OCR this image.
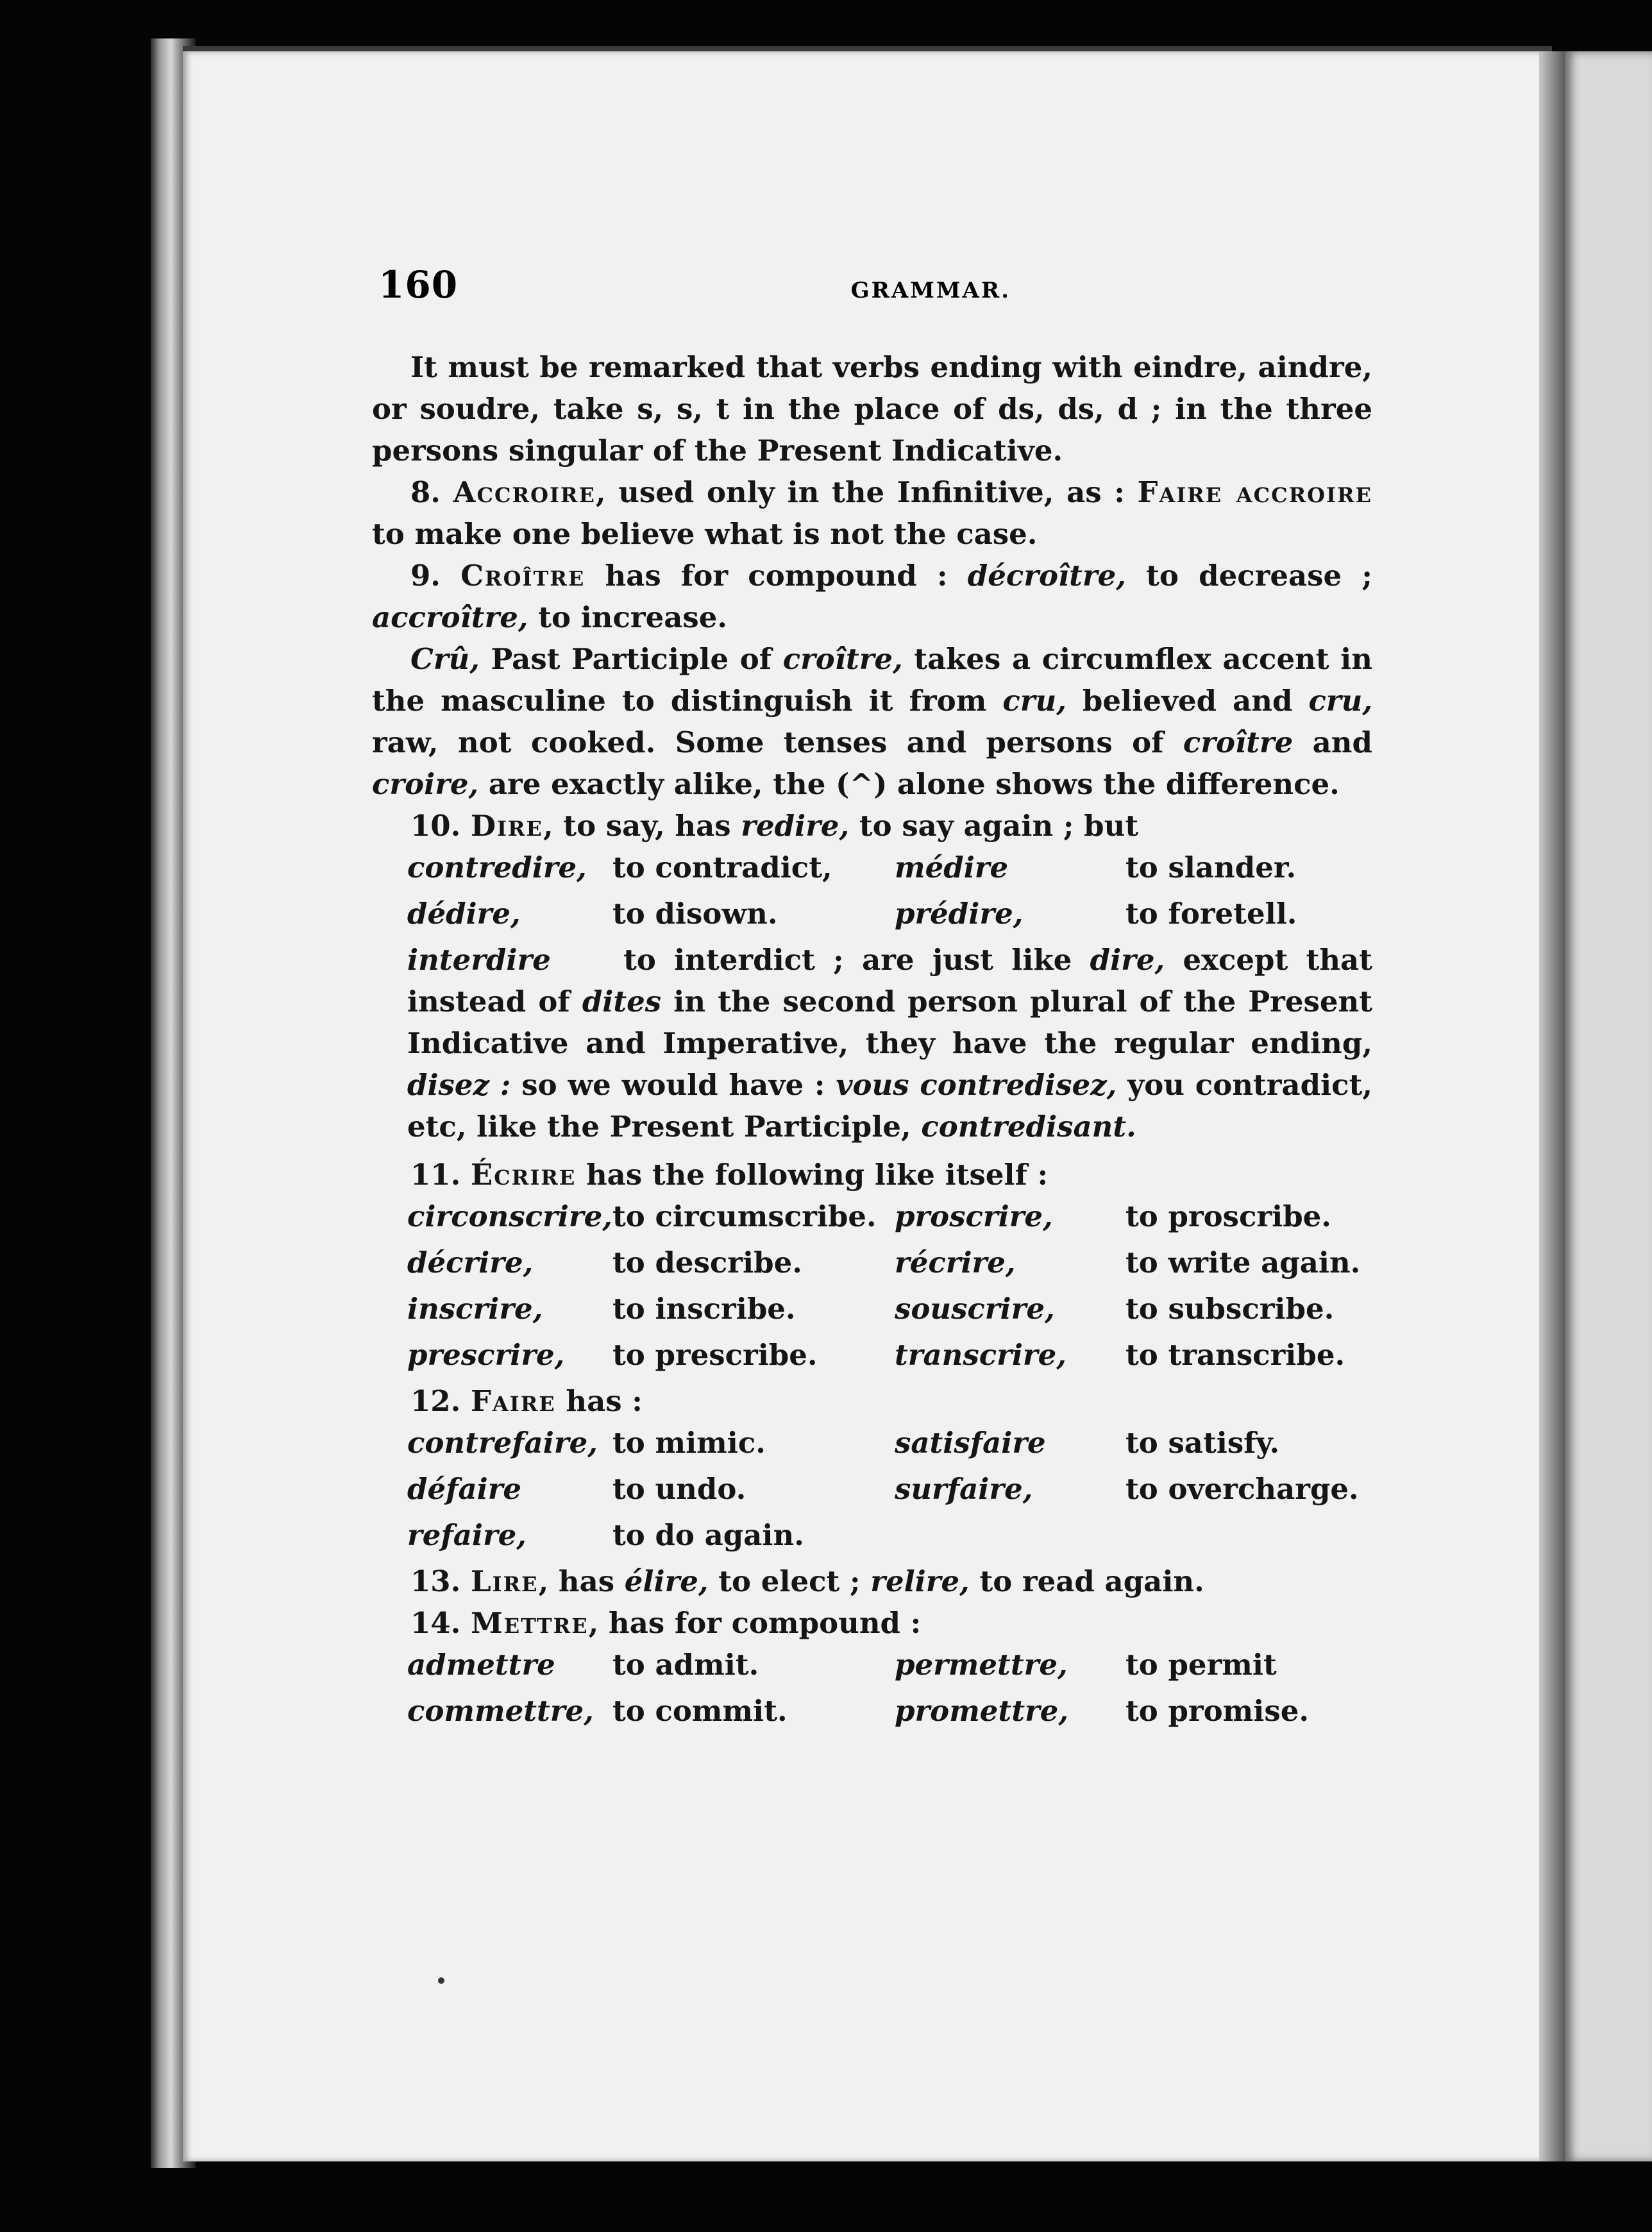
160	GRAMMAR.

It must be remarked that verbs ending with eindre, aindre, or soudre, take s, s, t in the place of ds, ds, d ; in the three persons singular of the Present Indicative.

8. Accroire, used only in the Infinitive, as : Faire accroire to make one believe what is not the case.

9. Croître has for compound : décroître, to decrease ; accroître, to increase.

Crû, Past Participle of croître, takes a circumflex accent in the masculine to distinguish it from cru, believed and cru, raw, not cooked. Some tenses and persons of croître and croire, are exactly alike, the (^) alone shows the difference.

10. Dire, to say, has redire, to say again ; but

contredire, to contradict,	médire	to slander.
dédire,	to disown.	prédire,	to foretell.

interdire	to interdict ; are just like dire, except that instead of dites in the second person plural of the Present Indicative and Imperative, they have the regular ending, disez : so we would have : vous contredisez, you contradict, etc, like the Present Participle, contredisant.

11. Écrire has the following like itself :

circonscrire, to circumscribe. proscrire,	to proscribe.
décrire,	to describe.	récrire,	to write again.
inscrire,	to inscribe.	souscrire,	to subscribe.
prescrire,	to prescribe.	transcrire,	to transcribe.

12. Faire has :

contrefaire, to mimic.	satisfaire	to satisfy.
défaire	to undo.	surfaire,	to overcharge.
refaire,	to do again.

13. Lire, has élire, to elect ; relire, to read again.

14. Mettre, has for compound :

admettre	to admit.	permettre,	to permit
commettre, to commit.	promettre,	to promise.
